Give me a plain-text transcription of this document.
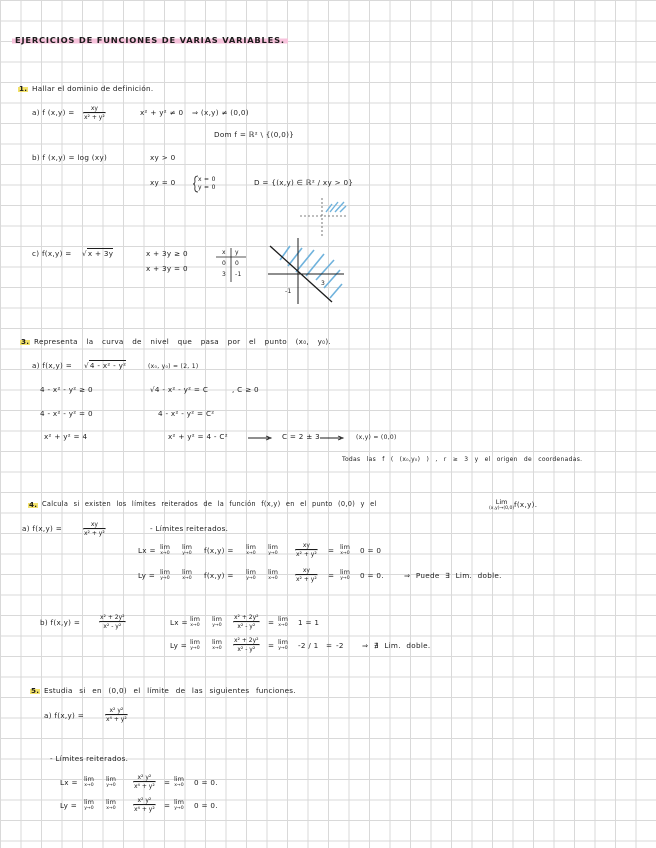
EJERCICIOS DE FUNCIONES DE VARIAS VARIABLES.
1. Hallar el dominio de definición.
a) f (x,y) =	xy
x² + y²
x² + y² ≠ 0 ⇒ (x,y) ≠ (0,0)
Dom f = ℝ² \ {(0,0)}
b) f (x,y) = log (xy)	xy > 0
xy = 0	x = 0
y = 0
D = {(x,y) ∈ ℝ² / xy > 0}
c) f(x,y) = √x + 3y	x + 3y ≥ 0
x + 3y = 0
x y
0 0
3 -1
3
-1
3. Representa la curva de nivel que pasa por el punto (x₀, y₀).
a) f(x,y) = √4 - x² - y²	(x₀, y₀) = (2, 1)
4 - x² - y² ≥ 0	√4 - x² - y² = C	, C ≥ 0
4 - x² - y² = 0	4 - x² - y² = C²
x² + y² = 4	x² + y² = 4 - C²	C = 2 ± 3	(x,y) = (0,0)
Todas las f ( (x₀,y₀) ) , r ≥ 3 y el origen de coordenadas.
4. Calcula si existen los límites reiterados de la función f(x,y) en el punto (0,0) y el	Lim
(x,y)→(0,0) f(x,y).
a) f(x,y) =	xy
x² + y²
- Límites reiterados.
Lx = lim
x→0
lim
y→0 f(x,y) = lim
x→0
lim
y→0
xy
x² + y² = lim
x→0 0 = 0
Ly = lim
y→0
lim
x→0 f(x,y) = lim
y→0
lim
x→0
xy
x² + y² = lim
y→0 0 = 0.	⇒ Puede ∃ Lim. doble.
b) f(x,y) =
x² + 2y²
x² - y²	Lx = lim
x→0
lim
y→0
x² + 2y²
x² - y² = lim
x→0 1 = 1
Ly = lim
y→0
lim
x→0
x² + 2y²
x² - y² = lim
y→0 -2 / 1 = -2	⇒ ∄ Lim. doble.
5. Estudia si en (0,0) el límite de las siguientes funciones.
a) f(x,y) =
x² y²
x⁴ + y²
- Límites reiterados.
Lx = lim
x→0
lim
y→0
x² y²
x⁴ + y² = lim
x→0 0 = 0.
Ly = lim
y→0
lim
x→0
x² y²
x⁴ + y² = lim
y→0 0 = 0.
